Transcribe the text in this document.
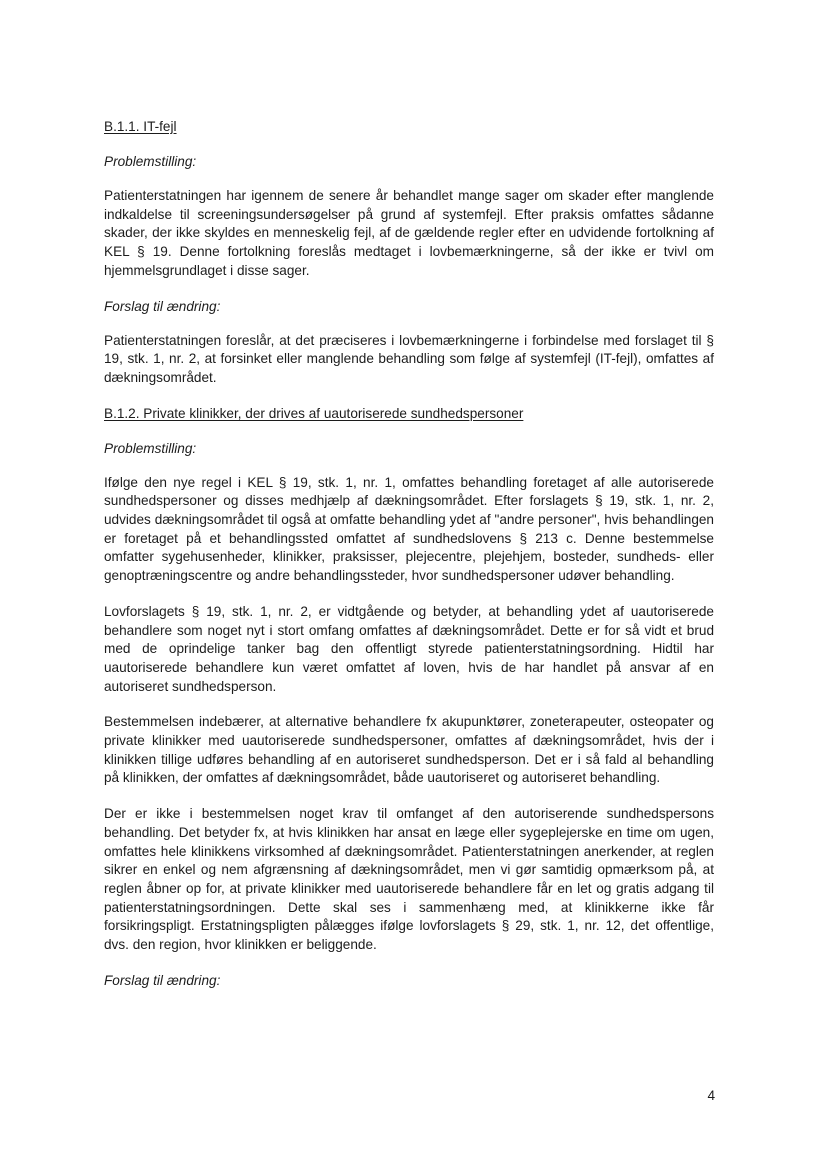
B.1.1. IT-fejl
Problemstilling:

Patienterstatningen har igennem de senere år behandlet mange sager om skader efter manglende indkaldelse til screeningsundersøgelser på grund af systemfejl. Efter praksis omfattes sådanne skader, der ikke skyldes en menneskelig fejl, af de gældende regler efter en udvidende fortolkning af KEL § 19. Denne fortolkning foreslås medtaget i lovbemærkningerne, så der ikke er tvivl om hjemmelsgrundlaget i disse sager.

Forslag til ændring:

Patienterstatningen foreslår, at det præciseres i lovbemærkningerne i forbindelse med forslaget til § 19, stk. 1, nr. 2, at forsinket eller manglende behandling som følge af systemfejl (IT-fejl), omfattes af dækningsområdet.

B.1.2. Private klinikker, der drives af uautoriserede sundhedspersoner
Problemstilling:

Ifølge den nye regel i KEL § 19, stk. 1, nr. 1, omfattes behandling foretaget af alle autoriserede sundhedspersoner og disses medhjælp af dækningsområdet. Efter forslagets § 19, stk. 1, nr. 2, udvides dækningsområdet til også at omfatte behandling ydet af "andre personer", hvis behandlingen er foretaget på et behandlingssted omfattet af sundhedslovens § 213 c. Denne bestemmelse omfatter sygehusenheder, klinikker, praksisser, plejecentre, plejehjem, bosteder, sundheds- eller genoptræningscentre og andre behandlingssteder, hvor sundhedspersoner udøver behandling.

Lovforslagets § 19, stk. 1, nr. 2, er vidtgående og betyder, at behandling ydet af uautoriserede behandlere som noget nyt i stort omfang omfattes af dækningsområdet. Dette er for så vidt et brud med de oprindelige tanker bag den offentligt styrede patienterstatningsordning. Hidtil har uautoriserede behandlere kun været omfattet af loven, hvis de har handlet på ansvar af en autoriseret sundhedsperson.

Bestemmelsen indebærer, at alternative behandlere fx akupunktører, zoneterapeuter, osteopater og private klinikker med uautoriserede sundhedspersoner, omfattes af dækningsområdet, hvis der i klinikken tillige udføres behandling af en autoriseret sundhedsperson. Det er i så fald al behandling på klinikken, der omfattes af dækningsområdet, både uautoriseret og autoriseret behandling.

Der er ikke i bestemmelsen noget krav til omfanget af den autoriserende sundhedspersons behandling. Det betyder fx, at hvis klinikken har ansat en læge eller sygeplejerske en time om ugen, omfattes hele klinikkens virksomhed af dækningsområdet. Patienterstatningen anerkender, at reglen sikrer en enkel og nem afgrænsning af dækningsområdet, men vi gør samtidig opmærksom på, at reglen åbner op for, at private klinikker med uautoriserede behandlere får en let og gratis adgang til patienterstatningsordningen. Dette skal ses i sammenhæng med, at klinikkerne ikke får forsikringspligt. Erstatningspligten pålægges ifølge lovforslagets § 29, stk. 1, nr. 12, det offentlige, dvs. den region, hvor klinikken er beliggende.

Forslag til ændring:
4
